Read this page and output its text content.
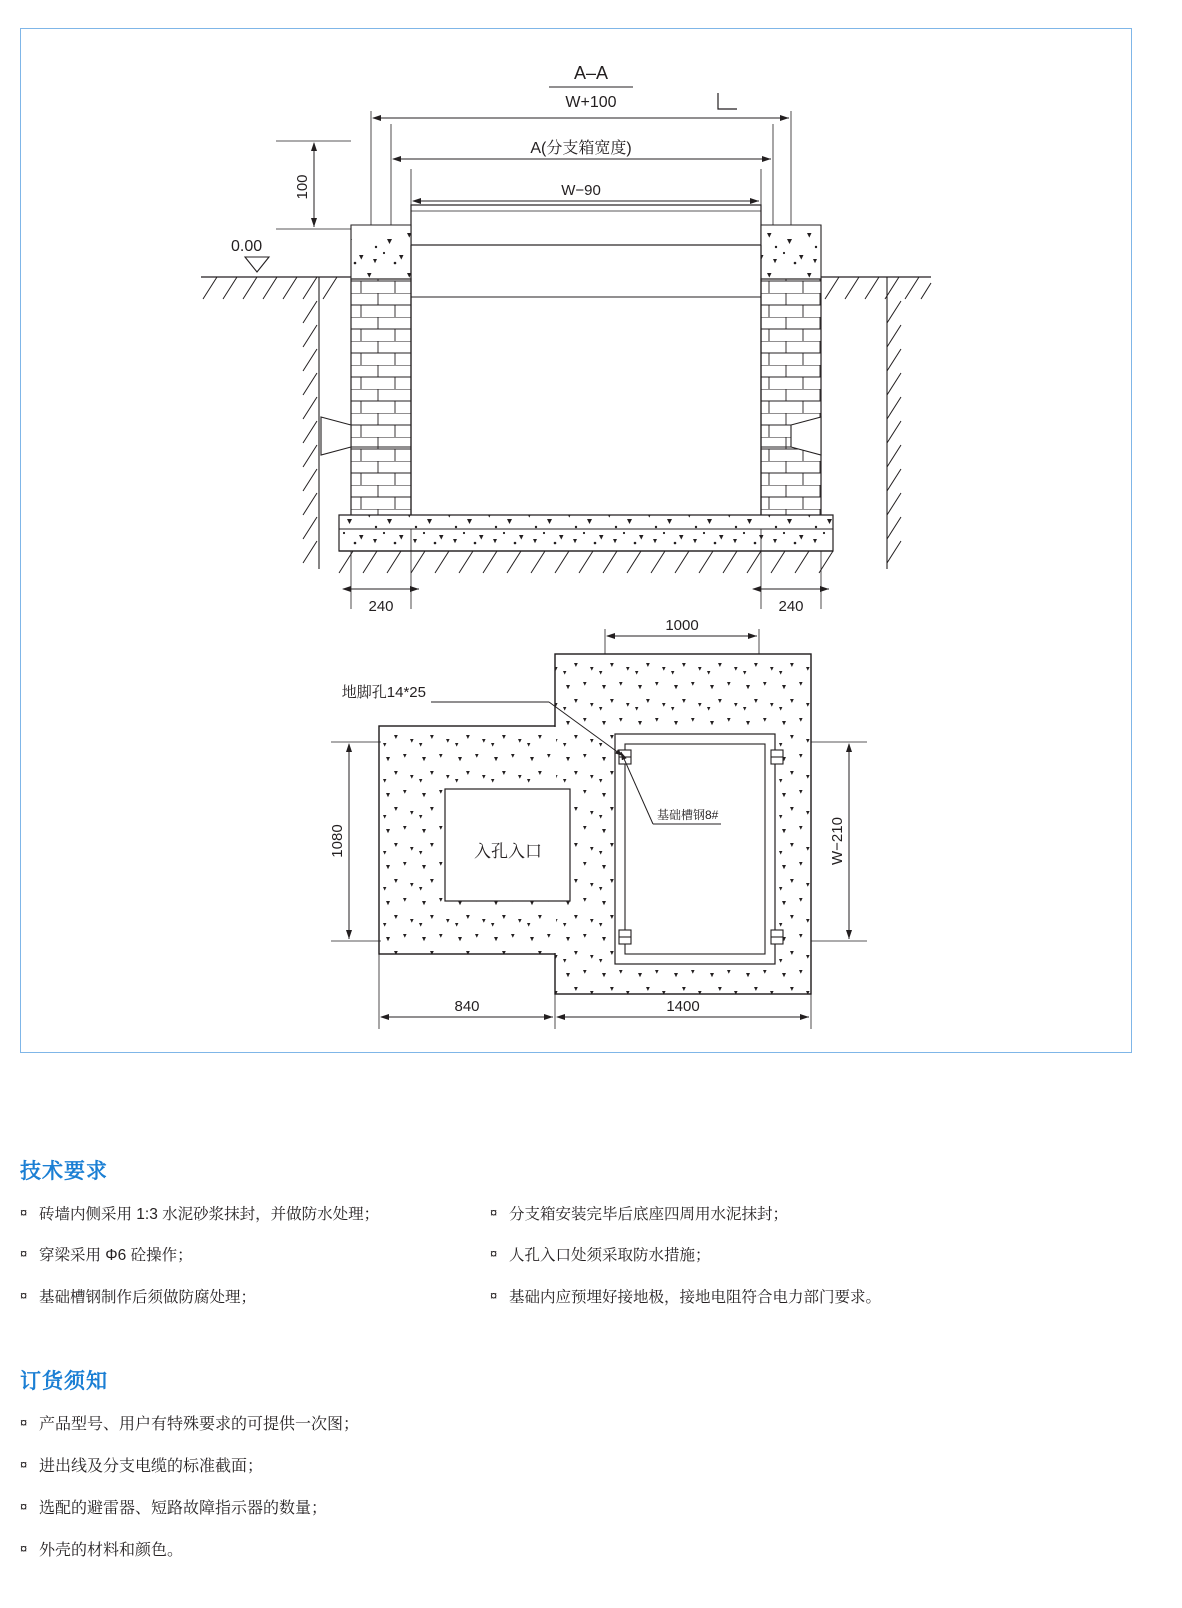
A–A
W+100
A(分支箱宽度)
W−90
100
0.00
240	240
1000
入孔入口
地脚孔14*25
基础槽钢8#
1080	W−210
840	1400
技术要求
¤ 砖墙内侧采用 1:3 水泥砂浆抹封，并做防水处理；	¤ 分支箱安装完毕后底座四周用水泥抹封；
¤ 穿梁采用 Φ6 砼操作；	¤ 人孔入口处须采取防水措施；
¤ 基础槽钢制作后须做防腐处理；	¤ 基础内应预埋好接地极，接地电阻符合电力部门要求。
订货须知
¤ 产品型号、用户有特殊要求的可提供一次图；
¤ 进出线及分支电缆的标准截面；
¤ 选配的避雷器、短路故障指示器的数量；
¤ 外壳的材料和颜色。
